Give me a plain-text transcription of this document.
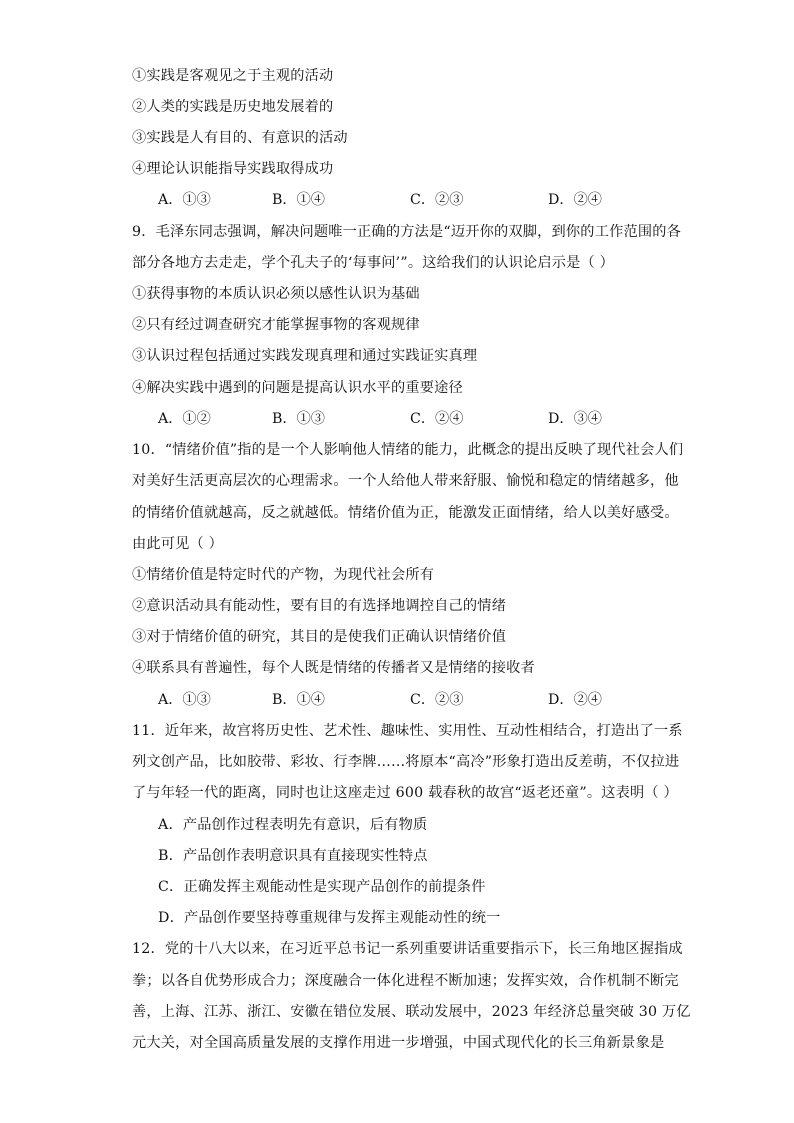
①实践是客观见之于主观的活动
②人类的实践是历史地发展着的
③实践是人有目的、有意识的活动
④理论认识能指导实践取得成功
A．①③	B．①④	C．②③	D．②④
9．毛泽东同志强调，解决问题唯一正确的方法是“迈开你的双脚，到你的工作范围的各
部分各地方去走走，学个孔夫子的‘每事问’”。这给我们的认识论启示是（ ）
①获得事物的本质认识必须以感性认识为基础
②只有经过调查研究才能掌握事物的客观规律
③认识过程包括通过实践发现真理和通过实践证实真理
④解决实践中遇到的问题是提高认识水平的重要途径
A．①②	B．①③	C．②④	D．③④
10．“情绪价值”指的是一个人影响他人情绪的能力，此概念的提出反映了现代社会人们
对美好生活更高层次的心理需求。一个人给他人带来舒服、愉悦和稳定的情绪越多，他
的情绪价值就越高，反之就越低。情绪价值为正，能激发正面情绪，给人以美好感受。
由此可见（ ）
①情绪价值是特定时代的产物，为现代社会所有
②意识活动具有能动性，要有目的有选择地调控自己的情绪
③对于情绪价值的研究，其目的是使我们正确认识情绪价值
④联系具有普遍性，每个人既是情绪的传播者又是情绪的接收者
A．①③	B．①④	C．②③	D．②④
11．近年来，故宫将历史性、艺术性、趣味性、实用性、互动性相结合，打造出了一系
列文创产品，比如胶带、彩妆、行李牌……将原本“高冷”形象打造出反差萌，不仅拉进
了与年轻一代的距离，同时也让这座走过 600 载春秋的故宫“返老还童”。这表明（ ）
A．产品创作过程表明先有意识，后有物质
B．产品创作表明意识具有直接现实性特点
C．正确发挥主观能动性是实现产品创作的前提条件
D．产品创作要坚持尊重规律与发挥主观能动性的统一
12．党的十八大以来，在习近平总书记一系列重要讲话重要指示下，长三角地区握指成
拳；以各自优势形成合力；深度融合一体化进程不断加速；发挥实效，合作机制不断完
善，上海、江苏、浙江、安徽在错位发展、联动发展中，2023 年经济总量突破 30 万亿
元大关，对全国高质量发展的支撑作用进一步增强，中国式现代化的长三角新景象是
